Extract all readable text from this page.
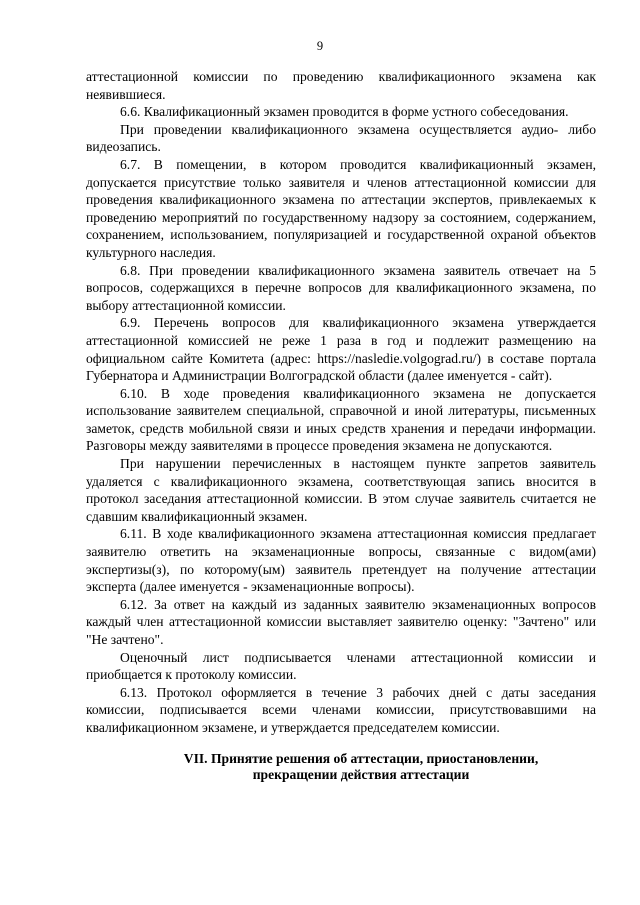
9

аттестационной комиссии по проведению квалификационного экзамена как неявившиеся.

6.6. Квалификационный экзамен проводится в форме устного собеседования.

При проведении квалификационного экзамена осуществляется аудио- либо видеозапись.

6.7. В помещении, в котором проводится квалификационный экзамен, допускается присутствие только заявителя и членов аттестационной комиссии для проведения квалификационного экзамена по аттестации экспертов, привлекаемых к проведению мероприятий по государственному надзору за состоянием, содержанием, сохранением, использованием, популяризацией и государственной охраной объектов культурного наследия.

6.8. При проведении квалификационного экзамена заявитель отвечает на 5 вопросов, содержащихся в перечне вопросов для квалификационного экзамена, по выбору аттестационной комиссии.

6.9. Перечень вопросов для квалификационного экзамена утверждается аттестационной комиссией не реже 1 раза в год и подлежит размещению на официальном сайте Комитета (адрес: https://nasledie.volgograd.ru/) в составе портала Губернатора и Администрации Волгоградской области (далее именуется - сайт).

6.10. В ходе проведения квалификационного экзамена не допускается использование заявителем специальной, справочной и иной литературы, письменных заметок, средств мобильной связи и иных средств хранения и передачи информации. Разговоры между заявителями в процессе проведения экзамена не допускаются.

При нарушении перечисленных в настоящем пункте запретов заявитель удаляется с квалификационного экзамена, соответствующая запись вносится в протокол заседания аттестационной комиссии. В этом случае заявитель считается не сдавшим квалификационный экзамен.

6.11. В ходе квалификационного экзамена аттестационная комиссия предлагает заявителю ответить на экзаменационные вопросы, связанные с видом(ами) экспертизы(з), по которому(ым) заявитель претендует на получение аттестации эксперта (далее именуется - экзаменационные вопросы).

6.12. За ответ на каждый из заданных заявителю экзаменационных вопросов каждый член аттестационной комиссии выставляет заявителю оценку: "Зачтено" или "Не зачтено".

Оценочный лист подписывается членами аттестационной комиссии и приобщается к протоколу комиссии.

6.13. Протокол оформляется в течение 3 рабочих дней с даты заседания комиссии, подписывается всеми членами комиссии, присутствовавшими на квалификационном экзамене, и утверждается председателем комиссии.

VII. Принятие решения об аттестации, приостановлении,
прекращении действия аттестации
